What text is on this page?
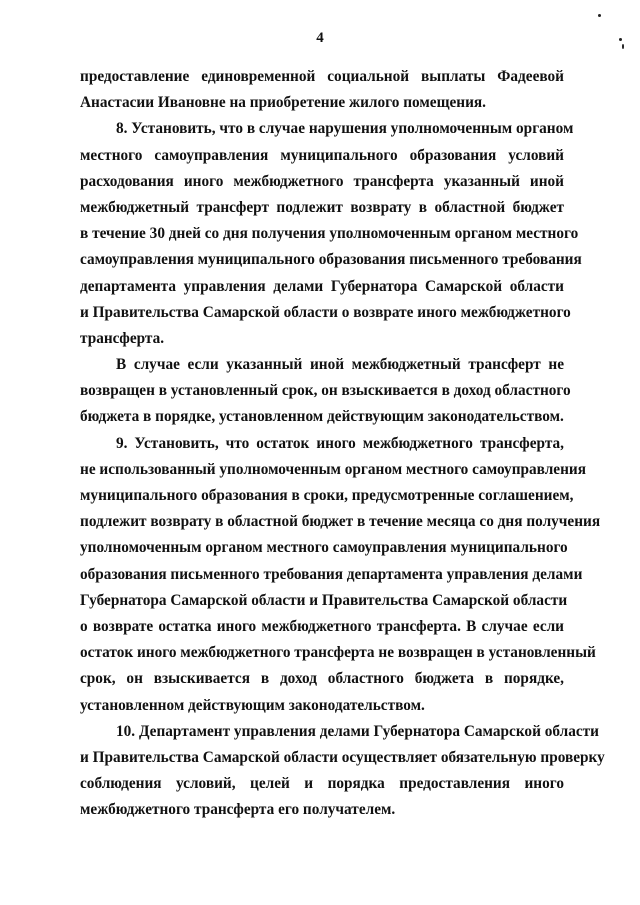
4
предоставление единовременной социальной выплаты Фадеевой
Анастасии Ивановне на приобретение жилого помещения.
8. Установить, что в случае нарушения уполномоченным органом
местного самоуправления муниципального образования условий
расходования иного межбюджетного трансферта указанный иной
межбюджетный трансферт подлежит возврату в областной бюджет
в течение 30 дней со дня получения уполномоченным органом местного
самоуправления муниципального образования письменного требования
департамента управления делами Губернатора Самарской области
и Правительства Самарской области о возврате иного межбюджетного
трансферта.
В случае если указанный иной межбюджетный трансферт не
возвращен в установленный срок, он взыскивается в доход областного
бюджета в порядке, установленном действующим законодательством.
9. Установить, что остаток иного межбюджетного трансферта,
не использованный уполномоченным органом местного самоуправления
муниципального образования в сроки, предусмотренные соглашением,
подлежит возврату в областной бюджет в течение месяца со дня получения
уполномоченным органом местного самоуправления муниципального
образования письменного требования департамента управления делами
Губернатора Самарской области и Правительства Самарской области
о возврате остатка иного межбюджетного трансферта. В случае если
остаток иного межбюджетного трансферта не возвращен в установленный
срок, он взыскивается в доход областного бюджета в порядке,
установленном действующим законодательством.
10. Департамент управления делами Губернатора Самарской области
и Правительства Самарской области осуществляет обязательную проверку
соблюдения условий, целей и порядка предоставления иного
межбюджетного трансферта его получателем.
